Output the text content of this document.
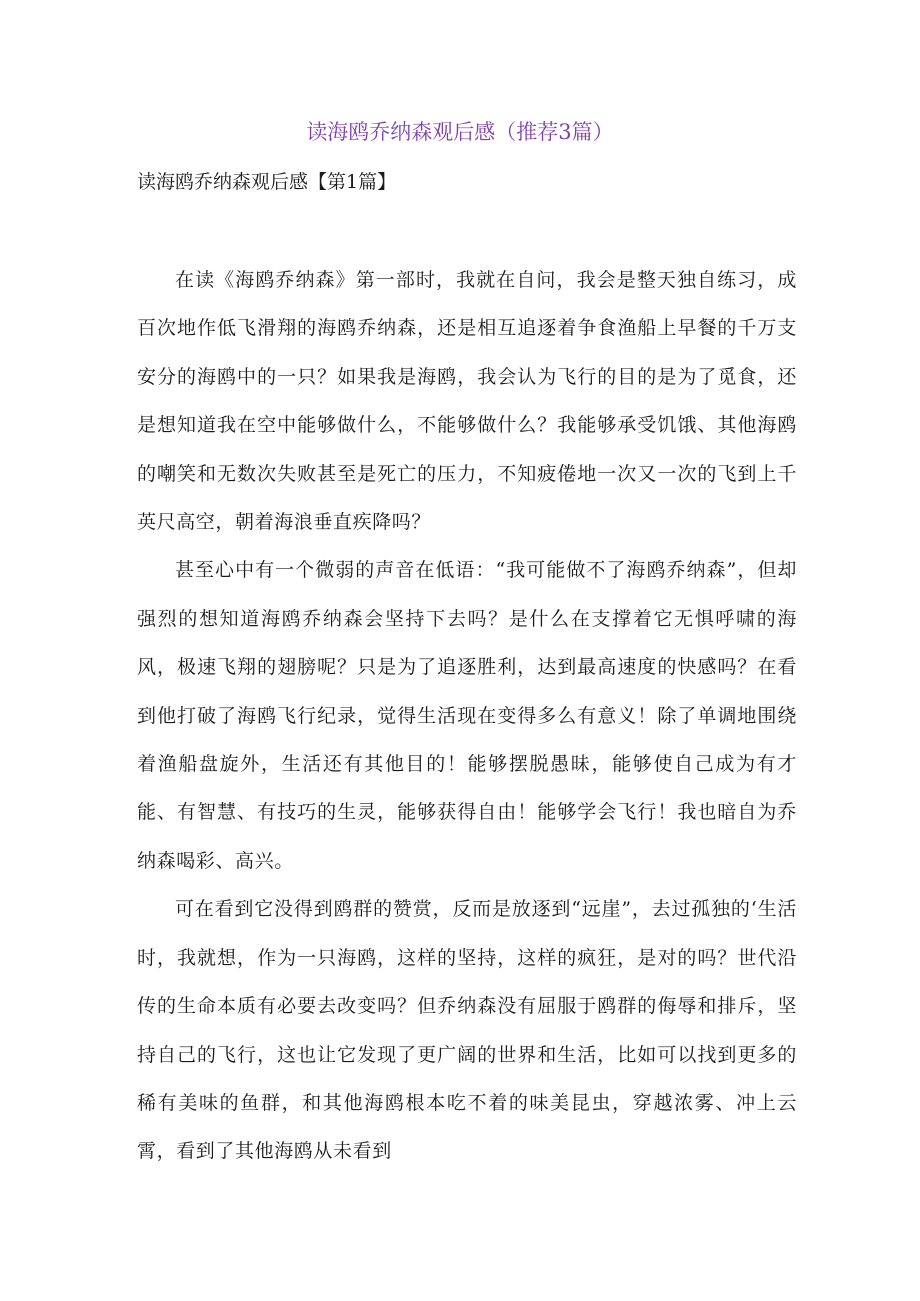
读海鸥乔纳森观后感（推荐3篇）
读海鸥乔纳森观后感【第1篇】

在读《海鸥乔纳森》第一部时，我就在自问，我会是整天独自练习，成百次地作低飞滑翔的海鸥乔纳森，还是相互追逐着争食渔船上早餐的千万支安分的海鸥中的一只？如果我是海鸥，我会认为飞行的目的是为了觅食，还是想知道我在空中能够做什么，不能够做什么？我能够承受饥饿、其他海鸥的嘲笑和无数次失败甚至是死亡的压力，不知疲倦地一次又一次的飞到上千英尺高空，朝着海浪垂直疾降吗？

甚至心中有一个微弱的声音在低语：“我可能做不了海鸥乔纳森”，但却强烈的想知道海鸥乔纳森会坚持下去吗？是什么在支撑着它无惧呼啸的海风，极速飞翔的翅膀呢？只是为了追逐胜利，达到最高速度的快感吗？在看到他打破了海鸥飞行纪录，觉得生活现在变得多么有意义！除了单调地围绕着渔船盘旋外，生活还有其他目的！能够摆脱愚昧，能够使自己成为有才能、有智慧、有技巧的生灵，能够获得自由！能够学会飞行！我也暗自为乔纳森喝彩、高兴。

可在看到它没得到鸥群的赞赏，反而是放逐到“远崖”，去过孤独的‘生活时，我就想，作为一只海鸥，这样的坚持，这样的疯狂，是对的吗？世代沿传的生命本质有必要去改变吗？但乔纳森没有屈服于鸥群的侮辱和排斥，坚持自己的飞行，这也让它发现了更广阔的世界和生活，比如可以找到更多的稀有美味的鱼群，和其他海鸥根本吃不着的味美昆虫，穿越浓雾、冲上云霄，看到了其他海鸥从未看到
